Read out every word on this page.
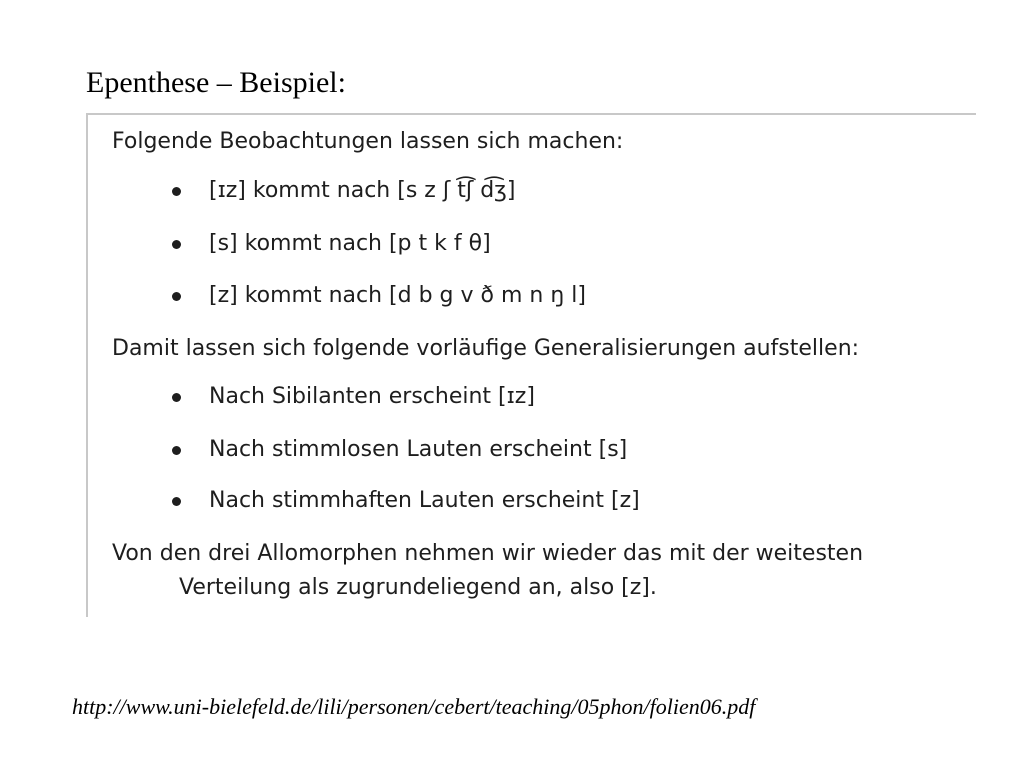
Epenthese – Beispiel:
Folgende Beobachtungen lassen sich machen:
[ɪz] kommt nach [s z ʃ t͡ʃ d͡ʒ]
[s] kommt nach [p t k f θ]
[z] kommt nach [d b g v ð m n ŋ l]
Damit lassen sich folgende vorläufige Generalisierungen aufstellen:
Nach Sibilanten erscheint [ɪz]
Nach stimmlosen Lauten erscheint [s]
Nach stimmhaften Lauten erscheint [z]
Von den drei Allomorphen nehmen wir wieder das mit der weitesten
Verteilung als zugrundeliegend an, also [z].
http://www.uni-bielefeld.de/lili/personen/cebert/teaching/05phon/folien06.pdf
